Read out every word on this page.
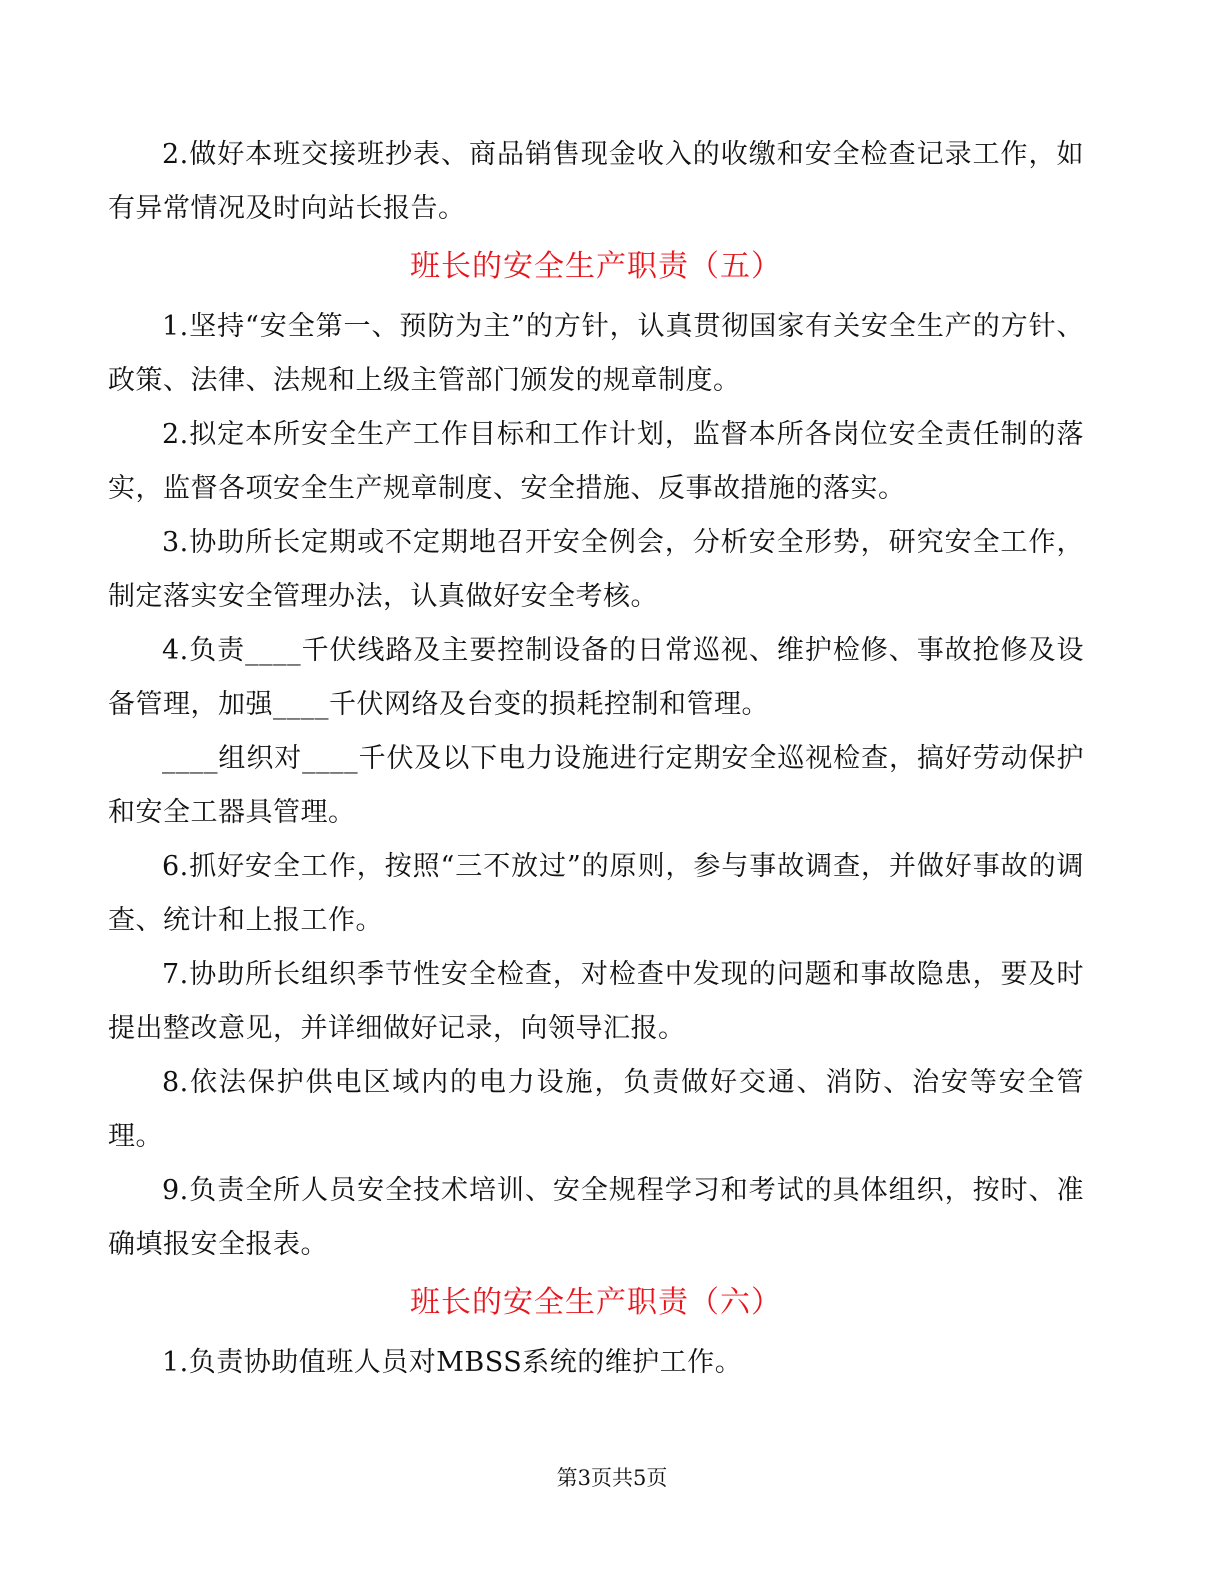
2.做好本班交接班抄表、商品销售现金收入的收缴和安全检查记录工作，如有异常情况及时向站长报告。

班长的安全生产职责（五）

1.坚持“安全第一、预防为主”的方针，认真贯彻国家有关安全生产的方针、政策、法律、法规和上级主管部门颁发的规章制度。

2.拟定本所安全生产工作目标和工作计划，监督本所各岗位安全责任制的落实，监督各项安全生产规章制度、安全措施、反事故措施的落实。

3.协助所长定期或不定期地召开安全例会，分析安全形势，研究安全工作，制定落实安全管理办法，认真做好安全考核。

4.负责____千伏线路及主要控制设备的日常巡视、维护检修、事故抢修及设备管理，加强____千伏网络及台变的损耗控制和管理。

____组织对____千伏及以下电力设施进行定期安全巡视检查，搞好劳动保护和安全工器具管理。

6.抓好安全工作，按照“三不放过”的原则，参与事故调查，并做好事故的调查、统计和上报工作。

7.协助所长组织季节性安全检查，对检查中发现的问题和事故隐患，要及时提出整改意见，并详细做好记录，向领导汇报。

8.依法保护供电区域内的电力设施，负责做好交通、消防、治安等安全管理。

9.负责全所人员安全技术培训、安全规程学习和考试的具体组织，按时、准确填报安全报表。

班长的安全生产职责（六）

1.负责协助值班人员对MBSS系统的维护工作。

第3页共5页
